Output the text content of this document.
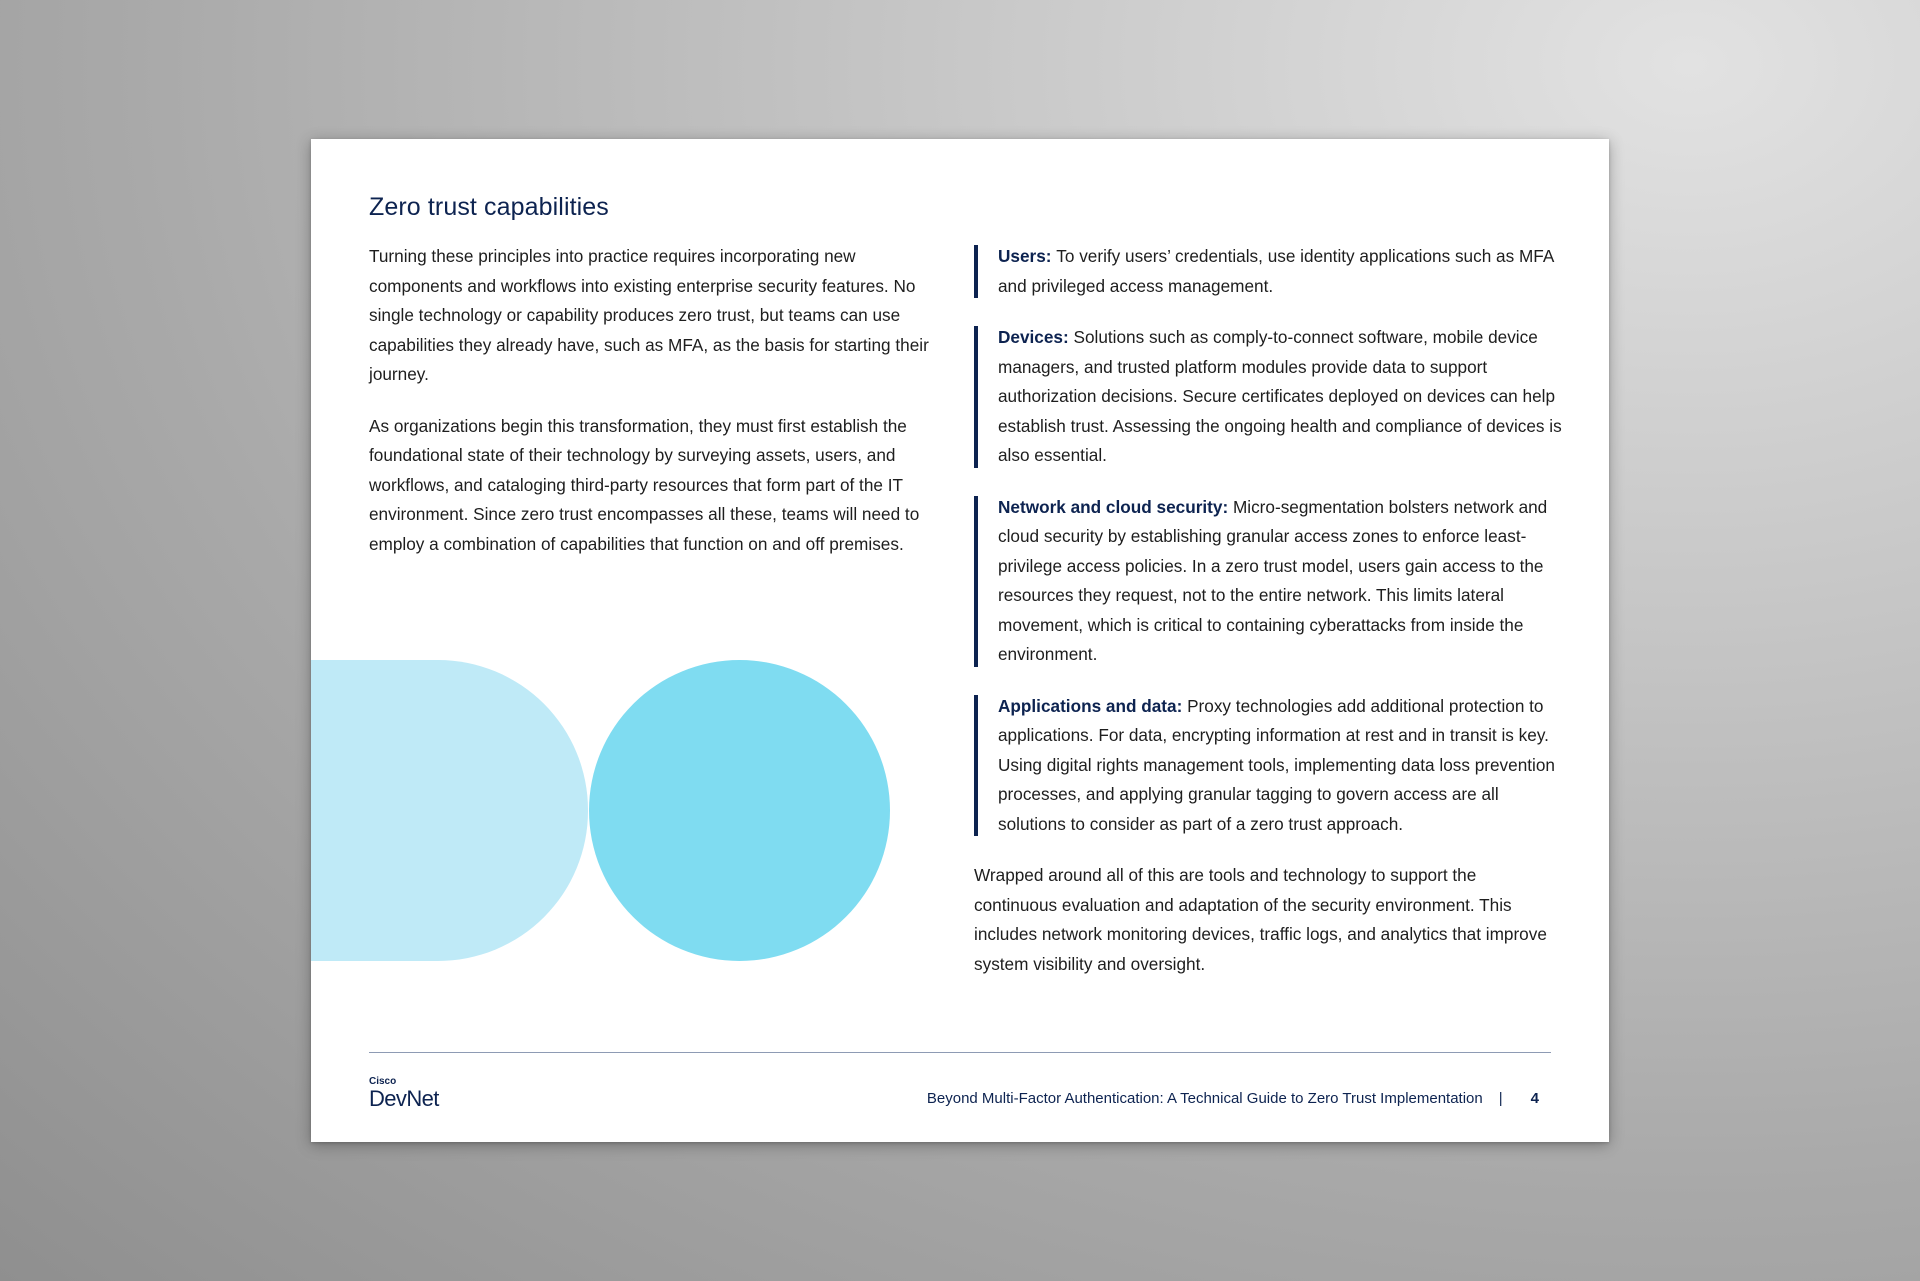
Zero trust capabilities

Turning these principles into practice requires incorporating new components and workflows into existing enterprise security features. No single technology or capability produces zero trust, but teams can use capabilities they already have, such as MFA, as the basis for starting their journey.

As organizations begin this transformation, they must first establish the foundational state of their technology by surveying assets, users, and workflows, and cataloging third-party resources that form part of the IT environment. Since zero trust encompasses all these, teams will need to employ a combination of capabilities that function on and off premises.

Users: To verify users’ credentials, use identity applications such as MFA and privileged access management.
Devices: Solutions such as comply-to-connect software, mobile device managers, and trusted platform modules provide data to support authorization decisions. Secure certificates deployed on devices can help establish trust. Assessing the ongoing health and compliance of devices is also essential.
Network and cloud security: Micro-segmentation bolsters network and cloud security by establishing granular access zones to enforce least-privilege access policies. In a zero trust model, users gain access to the resources they request, not to the entire network. This limits lateral movement, which is critical to containing cyberattacks from inside the environment.
Applications and data: Proxy technologies add additional protection to applications. For data, encrypting information at rest and in transit is key. Using digital rights management tools, implementing data loss prevention processes, and applying granular tagging to govern access are all solutions to consider as part of a zero trust approach.

Wrapped around all of this are tools and technology to support the continuous evaluation and adaptation of the security environment. This includes network monitoring devices, traffic logs, and analytics that improve system visibility and oversight.

Cisco
DevNet	Beyond Multi-Factor Authentication: A Technical Guide to Zero Trust Implementation | 4
